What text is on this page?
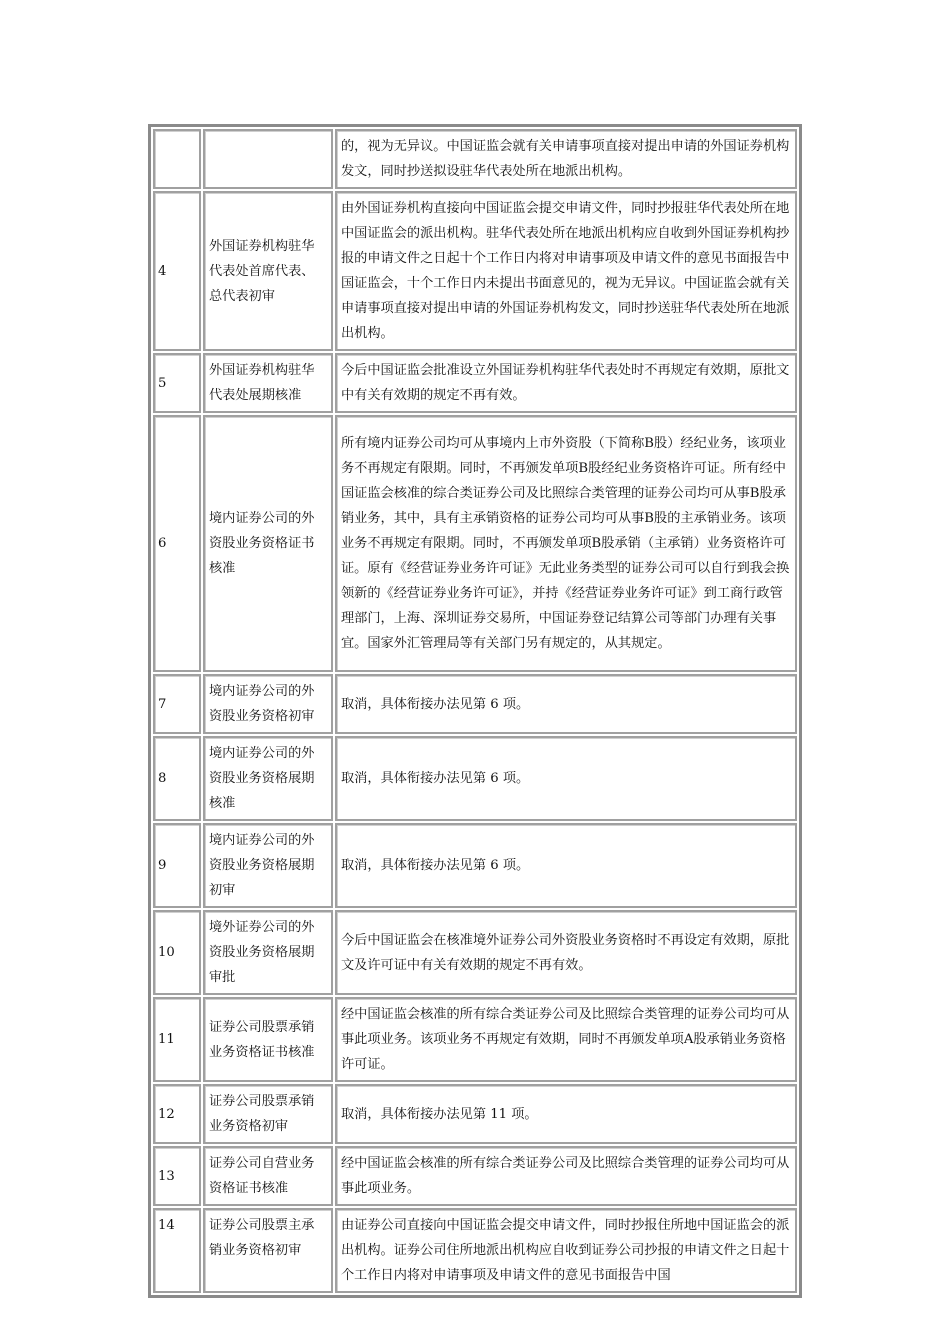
		的，视为无异议。中国证监会就有关申请事项直接对提出申请的外国证券机构发文，同时抄送拟设驻华代表处所在地派出机构。
4	外国证券机构驻华代表处首席代表、总代表初审	由外国证券机构直接向中国证监会提交申请文件，同时抄报驻华代表处所在地中国证监会的派出机构。驻华代表处所在地派出机构应自收到外国证券机构抄报的申请文件之日起十个工作日内将对申请事项及申请文件的意见书面报告中国证监会，十个工作日内未提出书面意见的，视为无异议。中国证监会就有关申请事项直接对提出申请的外国证券机构发文，同时抄送驻华代表处所在地派出机构。
5	外国证券机构驻华代表处展期核准	今后中国证监会批准设立外国证券机构驻华代表处时不再规定有效期，原批文中有关有效期的规定不再有效。
6	境内证券公司的外资股业务资格证书核准	所有境内证券公司均可从事境内上市外资股（下简称B股）经纪业务，该项业务不再规定有限期。同时，不再颁发单项B股经纪业务资格许可证。所有经中国证监会核准的综合类证券公司及比照综合类管理的证券公司均可从事B股承销业务，其中，具有主承销资格的证券公司均可从事B股的主承销业务。该项业务不再规定有限期。同时，不再颁发单项B股承销（主承销）业务资格许可证。原有《经营证券业务许可证》无此业务类型的证券公司可以自行到我会换领新的《经营证券业务许可证》，并持《经营证券业务许可证》到工商行政管理部门，上海、深圳证券交易所，中国证券登记结算公司等部门办理有关事宜。国家外汇管理局等有关部门另有规定的，从其规定。
7	境内证券公司的外资股业务资格初审	取消，具体衔接办法见第 6 项。
8	境内证券公司的外资股业务资格展期核准	取消，具体衔接办法见第 6 项。
9	境内证券公司的外资股业务资格展期初审	取消，具体衔接办法见第 6 项。
10	境外证券公司的外资股业务资格展期审批	今后中国证监会在核准境外证券公司外资股业务资格时不再设定有效期，原批文及许可证中有关有效期的规定不再有效。
11	证券公司股票承销业务资格证书核准	经中国证监会核准的所有综合类证券公司及比照综合类管理的证券公司均可从事此项业务。该项业务不再规定有效期，同时不再颁发单项A股承销业务资格许可证。
12	证券公司股票承销业务资格初审	取消，具体衔接办法见第 11 项。
13	证券公司自营业务资格证书核准	经中国证监会核准的所有综合类证券公司及比照综合类管理的证券公司均可从事此项业务。
14	证券公司股票主承销业务资格初审	由证券公司直接向中国证监会提交申请文件，同时抄报住所地中国证监会的派出机构。证券公司住所地派出机构应自收到证券公司抄报的申请文件之日起十个工作日内将对申请事项及申请文件的意见书面报告中国
